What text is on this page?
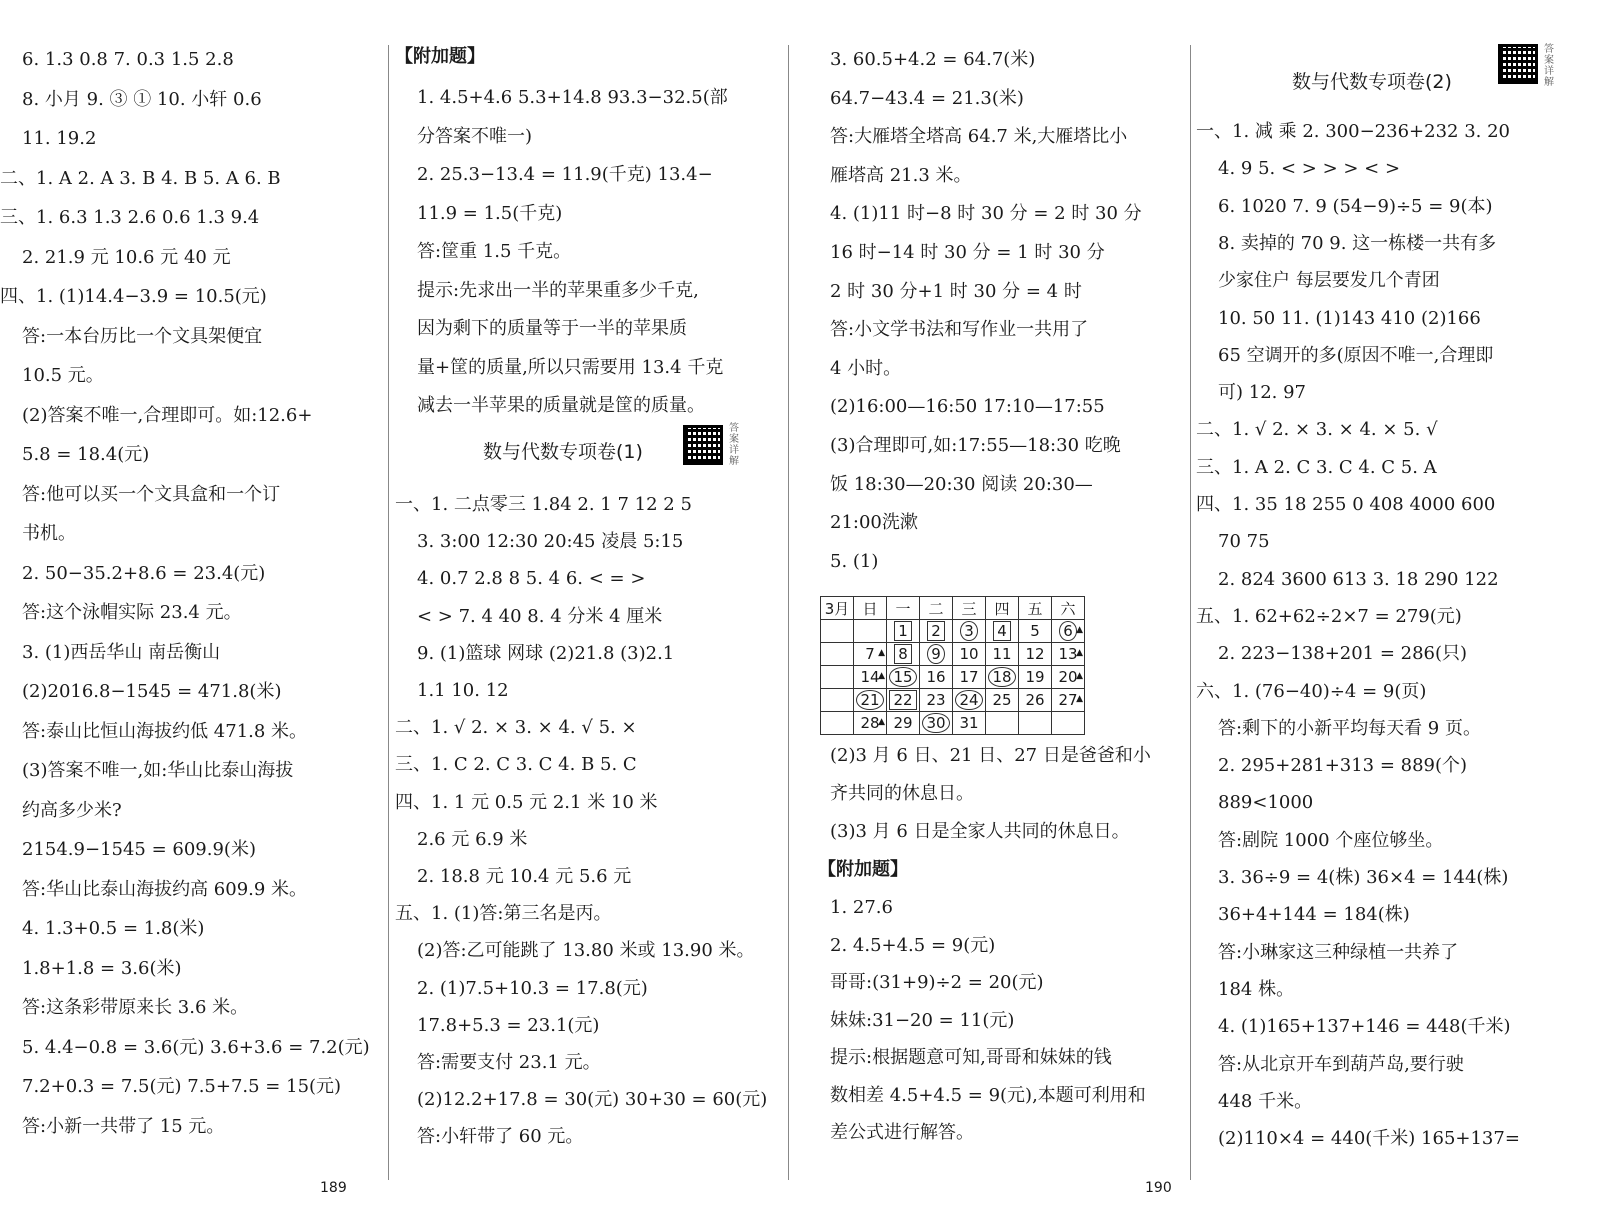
6. 1.3 0.8 7. 0.3 1.5 2.8
8. 小月 9. ③ ① 10. 小轩 0.6
11. 19.2
二、1. A 2. A 3. B 4. B 5. A 6. B
三、1. 6.3 1.3 2.6 0.6 1.3 9.4
2. 21.9 元 10.6 元 40 元
四、1. (1)14.4−3.9 = 10.5(元)
答:一本台历比一个文具架便宜
10.5 元。
(2)答案不唯一,合理即可。如:12.6+
5.8 = 18.4(元)
答:他可以买一个文具盒和一个订
书机。
2. 50−35.2+8.6 = 23.4(元)
答:这个泳帽实际 23.4 元。
3. (1)西岳华山 南岳衡山
(2)2016.8−1545 = 471.8(米)
答:泰山比恒山海拔约低 471.8 米。
(3)答案不唯一,如:华山比泰山海拔
约高多少米?
2154.9−1545 = 609.9(米)
答:华山比泰山海拔约高 609.9 米。
4. 1.3+0.5 = 1.8(米)
1.8+1.8 = 3.6(米)
答:这条彩带原来长 3.6 米。
5. 4.4−0.8 = 3.6(元) 3.6+3.6 = 7.2(元)
7.2+0.3 = 7.5(元) 7.5+7.5 = 15(元)
答:小新一共带了 15 元。
【附加题】
数与代数专项卷(1)
答案详解
1. 4.5+4.6 5.3+14.8 93.3−32.5(部
分答案不唯一)
2. 25.3−13.4 = 11.9(千克) 13.4−
11.9 = 1.5(千克)
答:筐重 1.5 千克。
提示:先求出一半的苹果重多少千克,
因为剩下的质量等于一半的苹果质
量+筐的质量,所以只需要用 13.4 千克
减去一半苹果的质量就是筐的质量。
一、1. 二点零三 1.84 2. 1 7 12 2 5
3. 3:00 12:30 20:45 凌晨 5:15
4. 0.7 2.8 8 5. 4 6. < = >
< > 7. 4 40 8. 4 分米 4 厘米
9. (1)篮球 网球 (2)21.8 (3)2.1
1.1 10. 12
二、1. √ 2. × 3. × 4. √ 5. ×
三、1. C 2. C 3. C 4. B 5. C
四、1. 1 元 0.5 元 2.1 米 10 米
2.6 元 6.9 米
2. 18.8 元 10.4 元 5.6 元
五、1. (1)答:第三名是丙。
(2)答:乙可能跳了 13.80 米或 13.90 米。
2. (1)7.5+10.3 = 17.8(元)
17.8+5.3 = 23.1(元)
答:需要支付 23.1 元。
(2)12.2+17.8 = 30(元) 30+30 = 60(元)
答:小轩带了 60 元。
3月	日	一	二	三	四	五	六
		1	2	3	4	5	6 ▲
	7 ▲	8	9	10	11	12	13 ▲
	14 ▲	15	16	17	18	19	20 ▲
	21	22	23	24	25	26	27 ▲
	28 ▲	29	30	31			
3. 60.5+4.2 = 64.7(米)
64.7−43.4 = 21.3(米)
答:大雁塔全塔高 64.7 米,大雁塔比小
雁塔高 21.3 米。
4. (1)11 时−8 时 30 分 = 2 时 30 分
16 时−14 时 30 分 = 1 时 30 分
2 时 30 分+1 时 30 分 = 4 时
答:小文学书法和写作业一共用了
4 小时。
(2)16:00—16:50 17:10—17:55
(3)合理即可,如:17:55—18:30 吃晚
饭 18:30—20:30 阅读 20:30—
21:00洗漱
5. (1)
(2)3 月 6 日、21 日、27 日是爸爸和小
齐共同的休息日。
(3)3 月 6 日是全家人共同的休息日。
【附加题】
1. 27.6
2. 4.5+4.5 = 9(元)
哥哥:(31+9)÷2 = 20(元)
妹妹:31−20 = 11(元)
提示:根据题意可知,哥哥和妹妹的钱
数相差 4.5+4.5 = 9(元),本题可利用和
差公式进行解答。
数与代数专项卷(2)
答案详解
一、1. 减 乘 2. 300−236+232 3. 20
4. 9 5. < > > > < >
6. 1020 7. 9 (54−9)÷5 = 9(本)
8. 卖掉的 70 9. 这一栋楼一共有多
少家住户 每层要发几个青团
10. 50 11. (1)143 410 (2)166
65 空调开的多(原因不唯一,合理即
可) 12. 97
二、1. √ 2. × 3. × 4. × 5. √
三、1. A 2. C 3. C 4. C 5. A
四、1. 35 18 255 0 408 4000 600
70 75
2. 824 3600 613 3. 18 290 122
五、1. 62+62÷2×7 = 279(元)
2. 223−138+201 = 286(只)
六、1. (76−40)÷4 = 9(页)
答:剩下的小新平均每天看 9 页。
2. 295+281+313 = 889(个)
889<1000
答:剧院 1000 个座位够坐。
3. 36÷9 = 4(株) 36×4 = 144(株)
36+4+144 = 184(株)
答:小琳家这三种绿植一共养了
184 株。
4. (1)165+137+146 = 448(千米)
答:从北京开车到葫芦岛,要行驶
448 千米。
(2)110×4 = 440(千米) 165+137=
189	190
